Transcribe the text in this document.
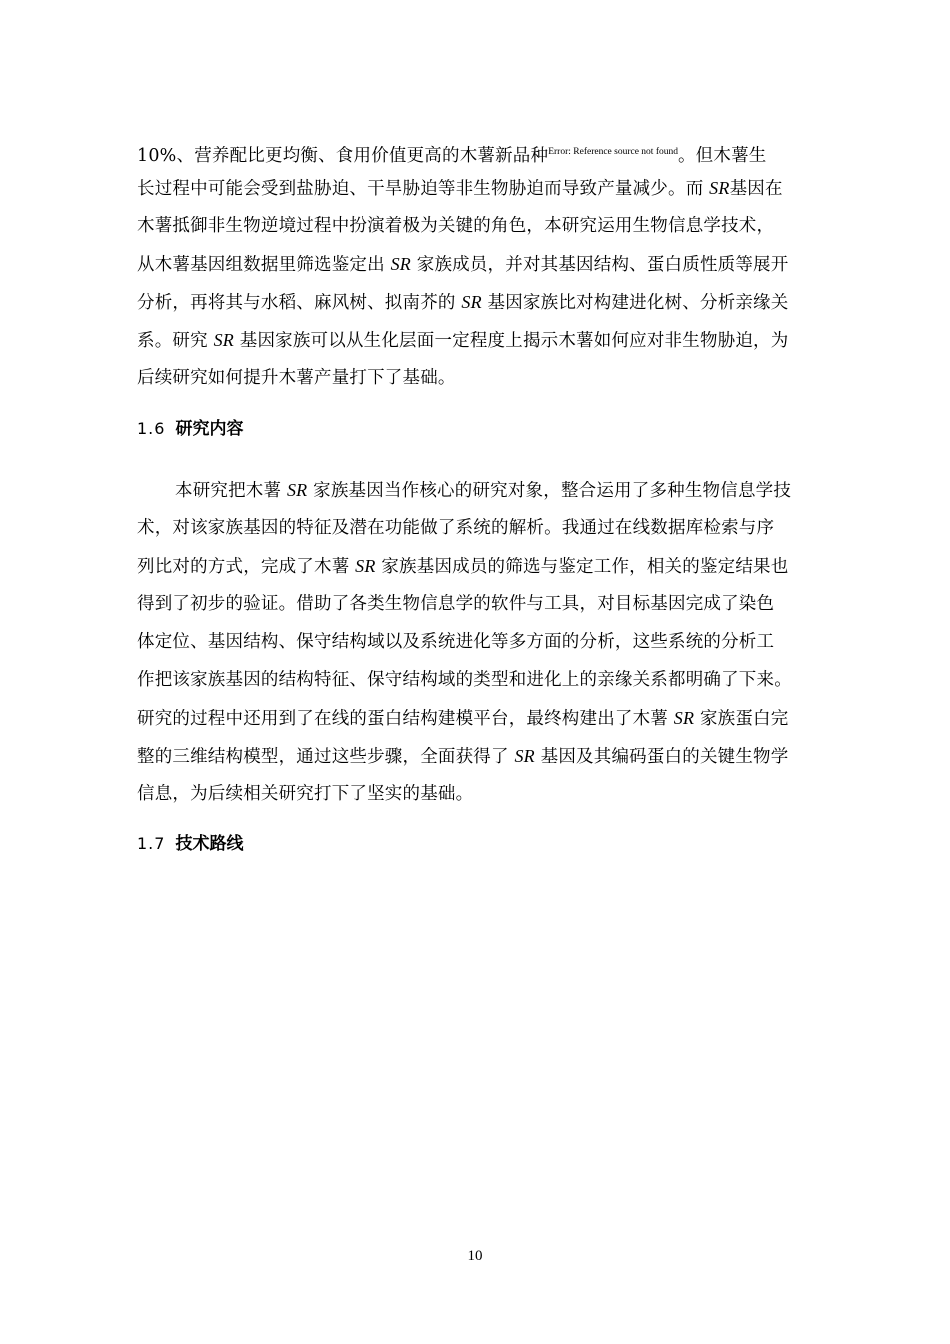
10%、营养配比更均衡、食用价值更高的木薯新品种$^{Error: Reference source not found}$。但木薯生
长过程中可能会受到盐胁迫、干旱胁迫等非生物胁迫而导致产量减少。而 SR基因在
木薯抵御非生物逆境过程中扮演着极为关键的角色，本研究运用生物信息学技术，
从木薯基因组数据里筛选鉴定出 SR 家族成员，并对其基因结构、蛋白质性质等展开
分析，再将其与水稻、麻风树、拟南芥的 SR 基因家族比对构建进化树、分析亲缘关
系。研究 SR 基因家族可以从生化层面一定程度上揭示木薯如何应对非生物胁迫，为
后续研究如何提升木薯产量打下了基础。
1.6 研究内容
本研究把木薯 SR 家族基因当作核心的研究对象，整合运用了多种生物信息学技
术，对该家族基因的特征及潜在功能做了系统的解析。我通过在线数据库检索与序
列比对的方式，完成了木薯 SR 家族基因成员的筛选与鉴定工作，相关的鉴定结果也
得到了初步的验证。借助了各类生物信息学的软件与工具，对目标基因完成了染色
体定位、基因结构、保守结构域以及系统进化等多方面的分析，这些系统的分析工
作把该家族基因的结构特征、保守结构域的类型和进化上的亲缘关系都明确了下来。
研究的过程中还用到了在线的蛋白结构建模平台，最终构建出了木薯 SR 家族蛋白完
整的三维结构模型，通过这些步骤，全面获得了 SR 基因及其编码蛋白的关键生物学
信息，为后续相关研究打下了坚实的基础。
1.7 技术路线
10
